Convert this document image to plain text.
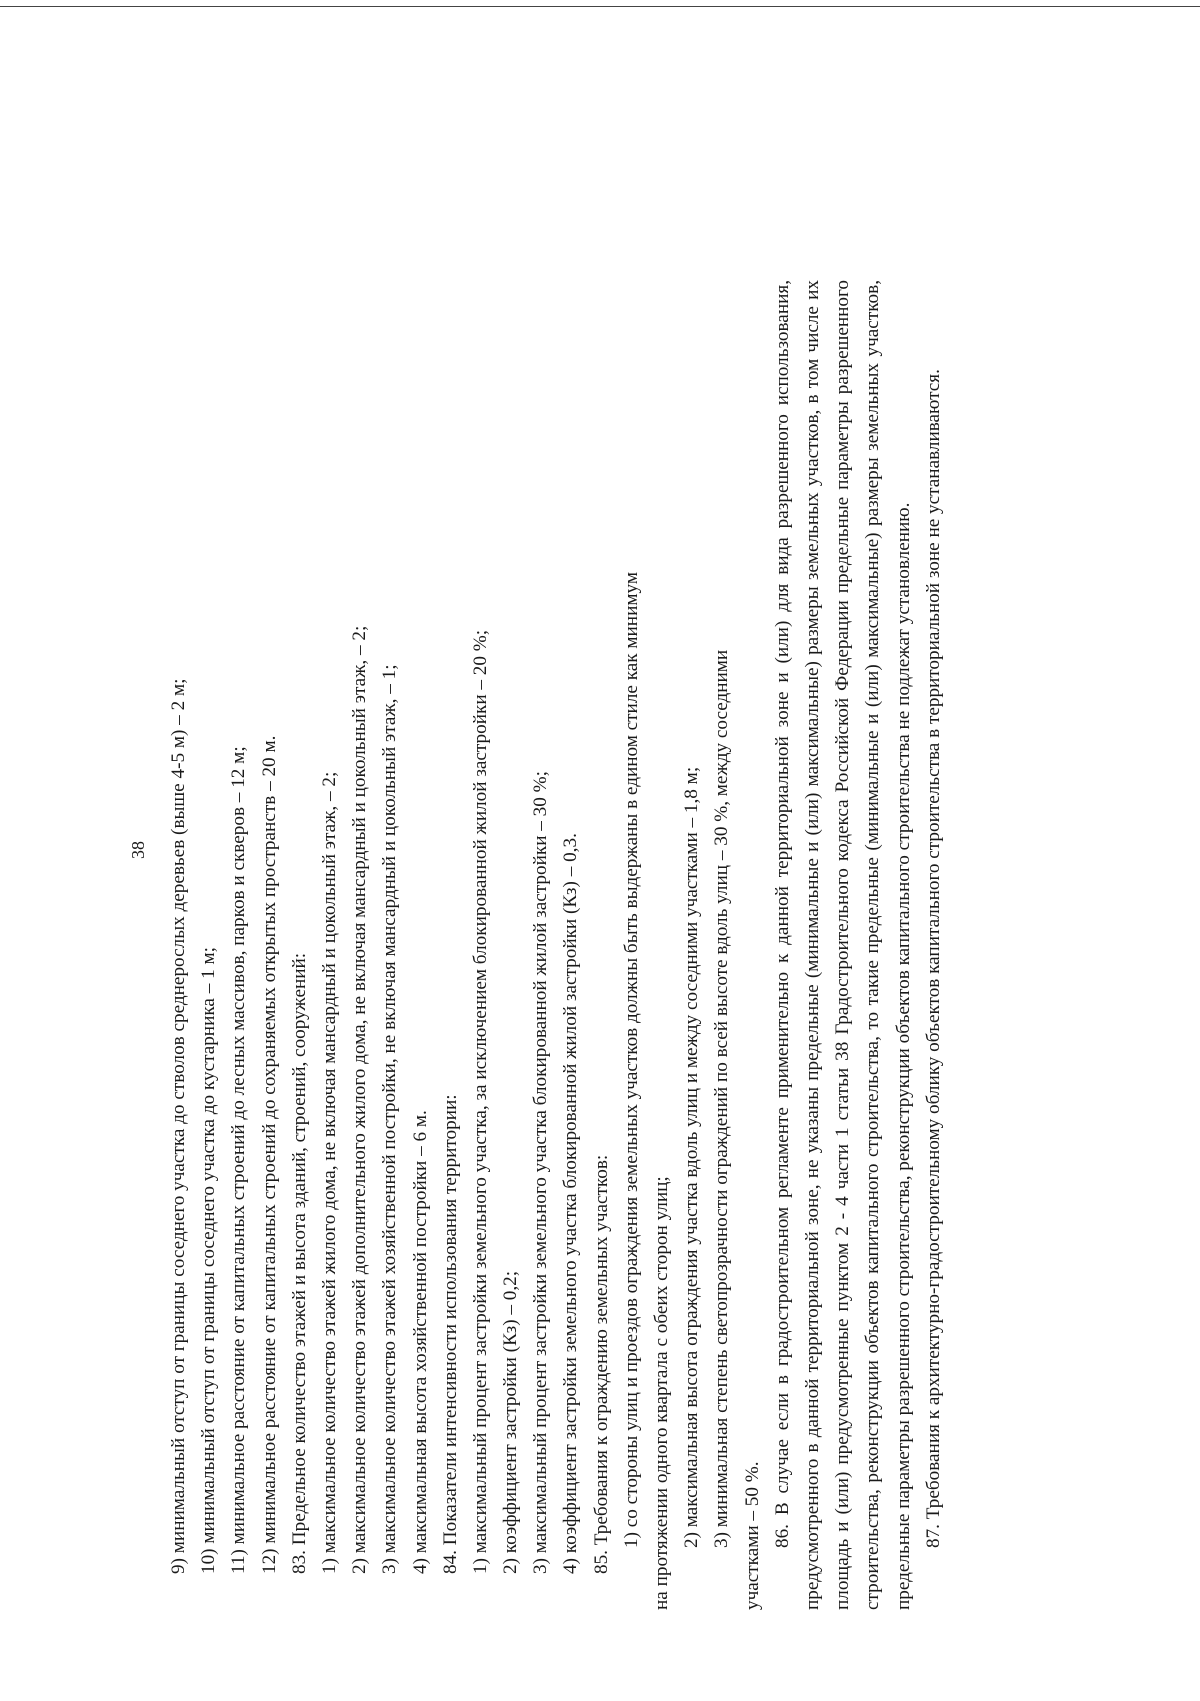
38 9) минимальный отступ от границы соседнего участка до стволов среднерослых деревьев (выше 4-5 м) – 2 м; 10) минимальный отступ от границы соседнего участка до кустарника – 1 м; 11) минимальное расстояние от капитальных строений до лесных массивов, парков и скверов – 12 м; 12) минимальное расстояние от капитальных строений до сохраняемых открытых пространств – 20 м. 83. Предельное количество этажей и высота зданий, строений, сооружений: 1) максимальное количество этажей жилого дома, не включая мансардный и цокольный этаж, – 2; 2) максимальное количество этажей дополнительного жилого дома, не включая мансардный и цокольный этаж, – 2; 3) максимальное количество этажей хозяйственной постройки, не включая мансардный и цокольный этаж, – 1; 4) максимальная высота хозяйственной постройки – 6 м. 84. Показатели интенсивности использования территории: 1) максимальный процент застройки земельного участка, за исключением блокированной жилой застройки – 20 %; 2) коэффициент застройки (Кз) – 0,2; 3) максимальный процент застройки земельного участка блокированной жилой застройки – 30 %; 4) коэффициент застройки земельного участка блокированной жилой застройки (Кз) – 0,3. 85. Требования к ограждению земельных участков: 1) со стороны улиц и проездов ограждения земельных участков должны быть выдержаны в едином стиле как минимум на протяжении одного квартала с обеих сторон улиц; 2) максимальная высота ограждения участка вдоль улиц и между соседними участками – 1,8 м; 3) минимальная степень светопрозрачности ограждений по всей высоте вдоль улиц – 30 %, между соседними участками – 50 %. 86. В случае если в градостроительном регламенте применительно к данной территориальной зоне и (или) для вида разрешенного использования, предусмотренного в данной территориальной зоне, не указаны предельные (минимальные и (или) максимальные) размеры земельных участков, в том числе их площадь и (или) предусмотренные пунктом 2 - 4 части 1 статьи 38 Градостроительного кодекса Российской Федерации предельные параметры разрешенного строительства, реконструкции объектов капитального строительства, то такие предельные (минимальные и (или) максимальные) размеры земельных участков, предельные параметры разрешенного строительства, реконструкции объектов капитального строительства не подлежат установлению. 87. Требования к архитектурно-градостроительному облику объектов капитального строительства в территориальной зоне не устанавливаются.
